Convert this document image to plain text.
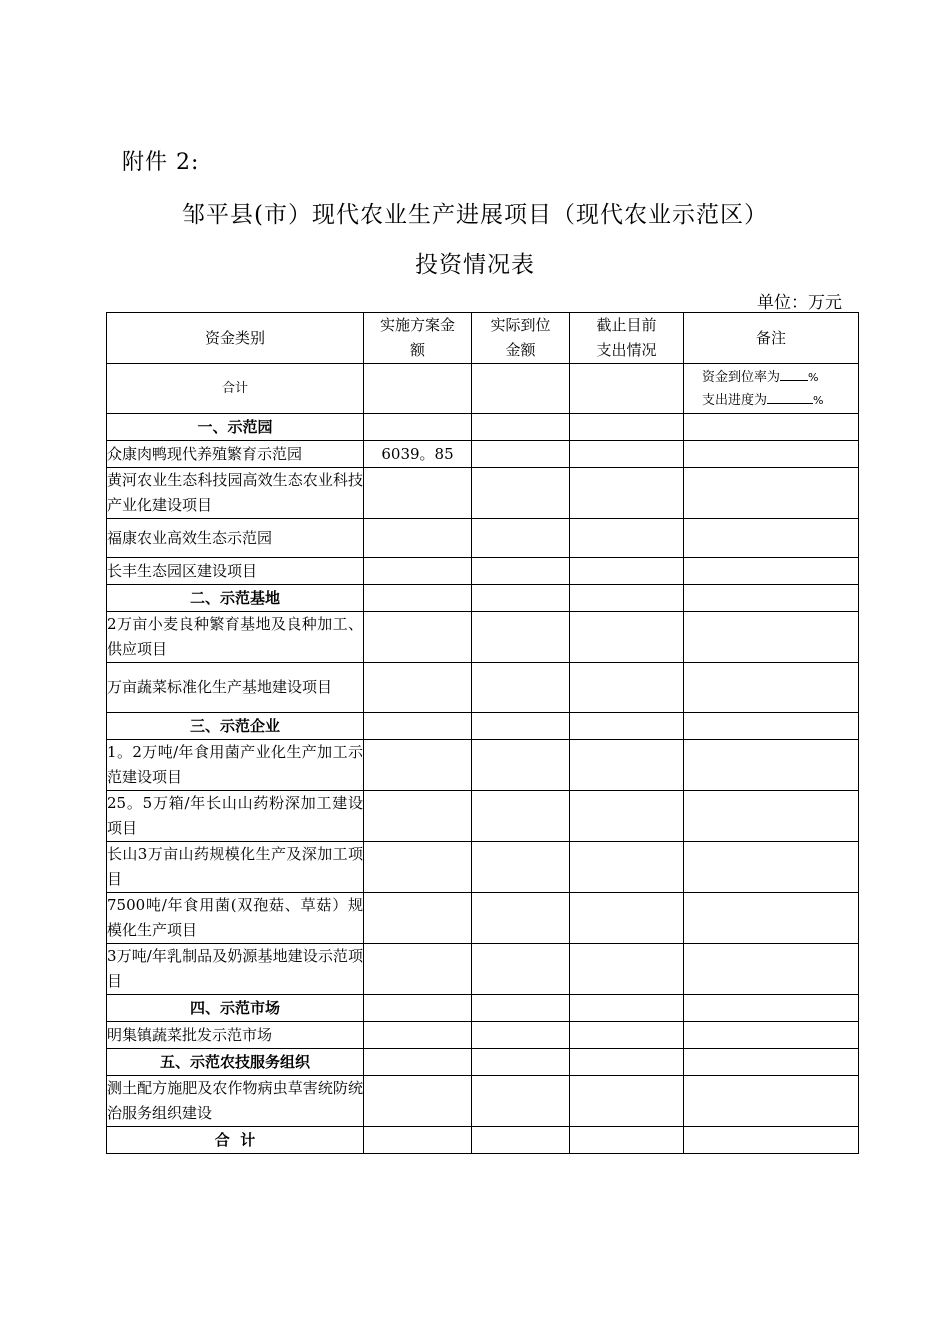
附件 2:
邹平县(市）现代农业生产进展项目（现代农业示范区）
投资情况表
单位：万元
资金类别	实施方案金额	实际到位金额	截止目前支出情况	备注
合计				资金到位率为 %
支出进度为 %

一、示范园				
众康肉鸭现代养殖繁育示范园	6039。85			
黄河农业生态科技园高效生态农业科技产业化建设项目				
福康农业高效生态示范园				
长丰生态园区建设项目				
二、示范基地				
2万亩小麦良种繁育基地及良种加工、供应项目				
万亩蔬菜标准化生产基地建设项目				
三、示范企业				
1。2万吨/年食用菌产业化生产加工示范建设项目				
25。5万箱/年长山山药粉深加工建设项目				
长山3万亩山药规模化生产及深加工项目				
7500吨/年食用菌(双孢菇、草菇）规模化生产项目				
3万吨/年乳制品及奶源基地建设示范项目				
四、示范市场				
明集镇蔬菜批发示范市场				
五、示范农技服务组织				
测土配方施肥及农作物病虫草害统防统治服务组织建设				
合  计				
